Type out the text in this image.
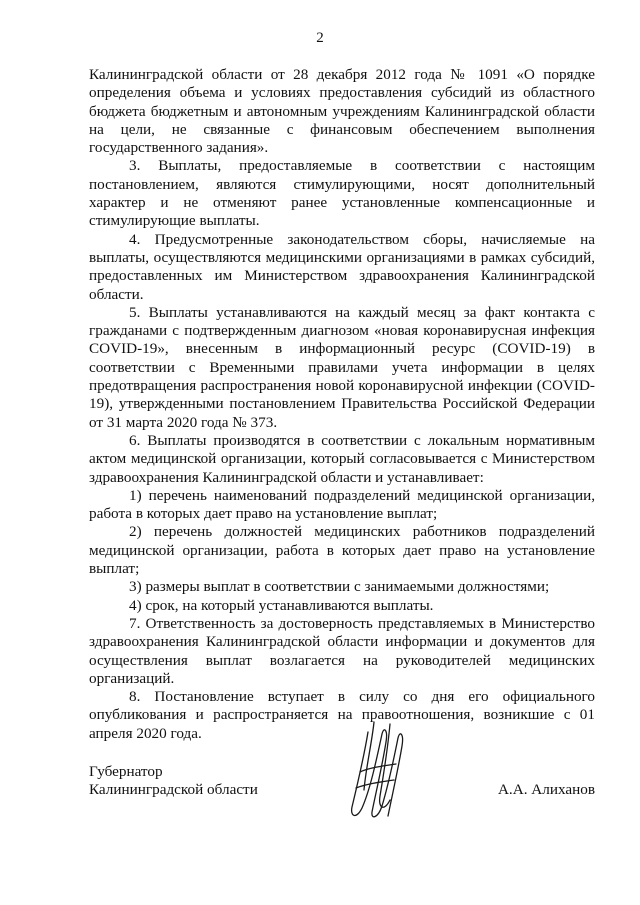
2

Калининградской области от 28 декабря 2012 года № 1091 «О порядке определения объема и условиях предоставления субсидий из областного бюджета бюджетным и автономным учреждениям Калининградской области на цели, не связанные с финансовым обеспечением выполнения государственного задания».

3. Выплаты, предоставляемые в соответствии с настоящим постановлением, являются стимулирующими, носят дополнительный характер и не отменяют ранее установленные компенсационные и стимулирующие выплаты.

4. Предусмотренные законодательством сборы, начисляемые на выплаты, осуществляются медицинскими организациями в рамках субсидий, предоставленных им Министерством здравоохранения Калининградской области.

5. Выплаты устанавливаются на каждый месяц за факт контакта с гражданами с подтвержденным диагнозом «новая коронавирусная инфекция COVID-19», внесенным в информационный ресурс (COVID-19) в соответствии с Временными правилами учета информации в целях предотвращения распространения новой коронавирусной инфекции (COVID-19), утвержденными постановлением Правительства Российской Федерации от 31 марта 2020 года № 373.

6. Выплаты производятся в соответствии с локальным нормативным актом медицинской организации, который согласовывается с Министерством здравоохранения Калининградской области и устанавливает:

1) перечень наименований подразделений медицинской организации, работа в которых дает право на установление выплат;

2) перечень должностей медицинских работников подразделений медицинской организации, работа в которых дает право на установление выплат;

3) размеры выплат в соответствии с занимаемыми должностями;

4) срок, на который устанавливаются выплаты.

7. Ответственность за достоверность представляемых в Министерство здравоохранения Калининградской области информации и документов для осуществления выплат возлагается на руководителей медицинских организаций.

8. Постановление вступает в силу со дня его официального опубликования и распространяется на правоотношения, возникшие с 01 апреля 2020 года.

Губернатор
Калининградской области	А.А. Алиханов
